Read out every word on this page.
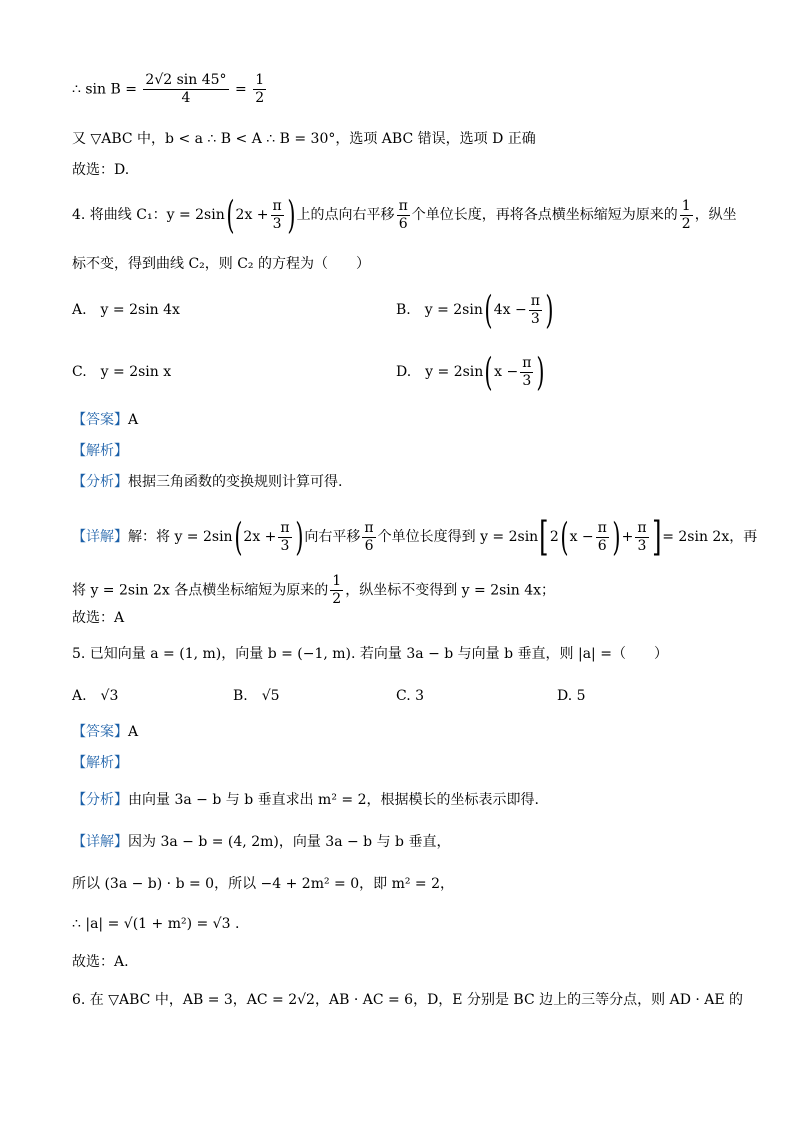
∴ $\sin B = \frac{2√2 \sin 45^\circ}{4} = \frac{1}{2}$
又 ▽ABC 中，b < a ∴ B < A ∴ B = 30°，选项 ABC 错误，选项 D 正确
故选：D.
4. 将曲线 C₁：$y = 2\sin(2x + \frac{\pi}{3}$ )上的点向右平移 $\frac{\pi}{6}$ 个单位长度，再将各点横坐标缩短为原来的 $\frac{1}{2}$ ，纵坐
标不变，得到曲线 C₂，则 C₂ 的方程为（　　）
A.　y = 2sin 4x	B.　$y = 2\sin(4x - \frac{\pi}{3}$ )
C.　y = 2sin x	D.　$y = 2\sin(x - \frac{\pi}{3}$ )
【答案】A
【解析】
【分析】根据三角函数的变换规则计算可得.
【详解】解：将 $y = 2\sin(2x + \frac{\pi}{3}$ )向右平移 $\frac{\pi}{6}$ 个单位长度得到 $y = 2\sin[2(x - \frac{\pi}{6}$ )+ $\frac{\pi}{3}$ ]= 2sin 2x，再
将 y = 2sin 2x 各点横坐标缩短为原来的 $\frac{1}{2}$ ，纵坐标不变得到 y = 2sin 4x；
故选：A
5. 已知向量 a = (1, m)，向量 b = (−1, m). 若向量 3a − b 与向量 b 垂直，则 |a| =（　　）
A.　√3	B.　√5	C. 3	D. 5
【答案】A
【解析】
【分析】由向量 3a − b 与 b 垂直求出 m² = 2，根据模长的坐标表示即得.
【详解】因为 3a − b = (4, 2m)，向量 3a − b 与 b 垂直，
所以 (3a − b) · b = 0，所以 −4 + 2m² = 0，即 m² = 2，
∴ |a| = √(1 + m²) = √3 .
故选：A.
6. 在 ▽ABC 中，AB = 3，AC = 2√2，AB · AC = 6，D，E 分别是 BC 边上的三等分点，则 AD · AE 的
